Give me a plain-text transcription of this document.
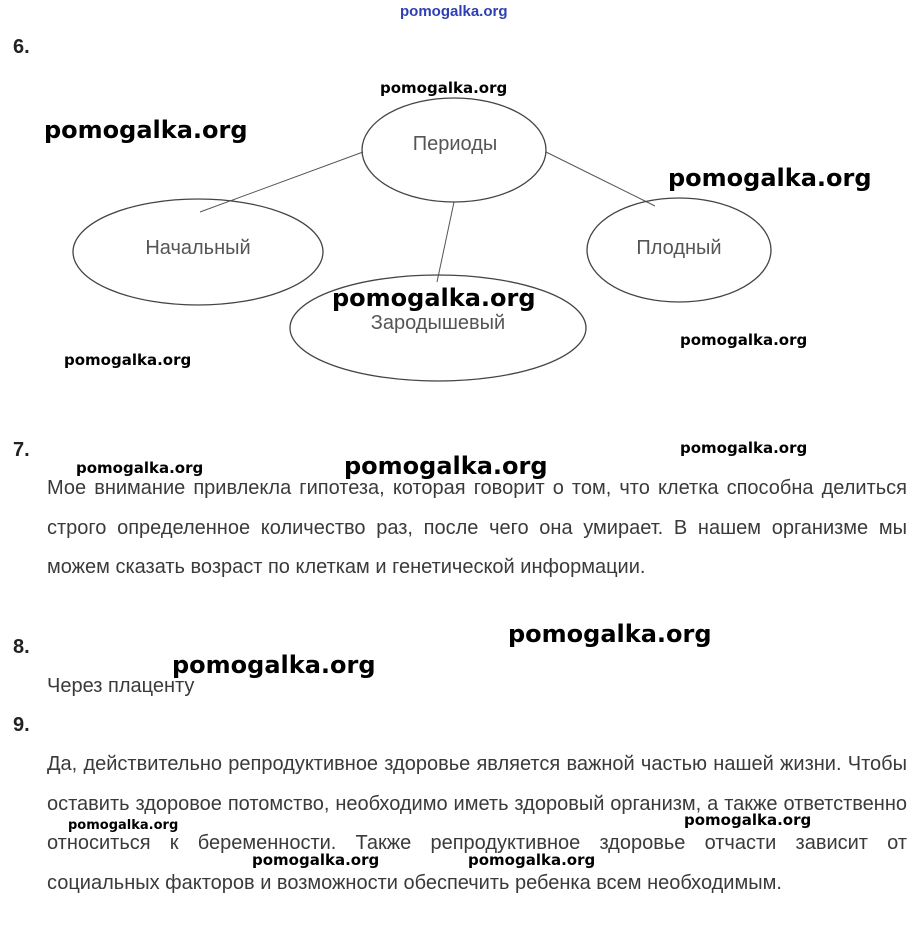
pomogalka.org
6.
Периоды
Начальный
Зародышевый
Плодный
7.
Мое внимание привлекла гипотеза, которая говорит о том, что клетка способна делиться строго определенное количество раз, после чего она умирает. В нашем организме мы можем сказать возраст по клеткам и генетической информации.
8.
Через плаценту
9.
Да, действительно репродуктивное здоровье является важной частью нашей жизни. Чтобы оставить здоровое потомство, необходимо иметь здоровый организм, а также ответственно относиться к беременности. Также репродуктивное здоровье отчасти зависит от социальных факторов и возможности обеспечить ребенка всем необходимым.
pomogalka.org
pomogalka.org
pomogalka.org
pomogalka.org
pomogalka.org
pomogalka.org
pomogalka.org
pomogalka.org	pomogalka.org
pomogalka.org
pomogalka.org
pomogalka.org	pomogalka.org
pomogalka.org	pomogalka.org
